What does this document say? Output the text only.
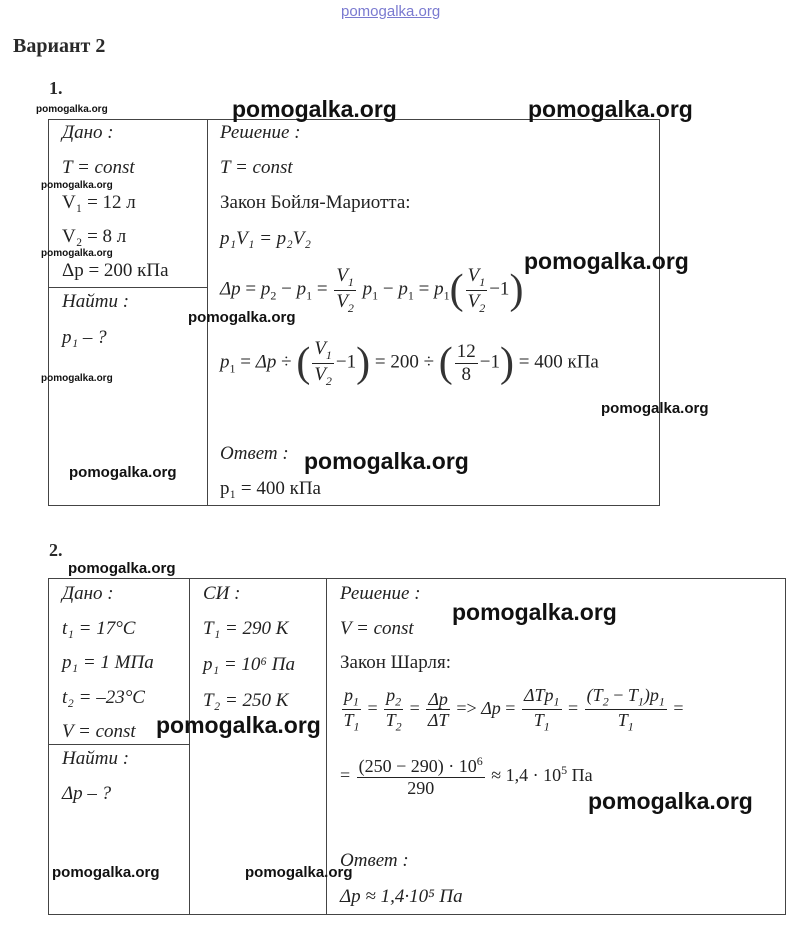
pomogalka.org
Вариант 2
1.
Дано :
T = const
V₁ = 12 л
V₂ = 8 л
Δp = 200 кПа
Найти :
p₁ – ?
Решение :
T = const
Закон Бойля-Мариотта:
p₁V₁ = p₂V₂
$\Delta p = p_2 - p_1 = \frac{V_1}{V_2} p_1 - p_1 = p_1( \frac{V_1}{V_2} -1)$
$p_1 = \Delta p$ ÷ ( $\frac{V_1}{V_2} -1) = 200$ ÷ ( $\frac{12}{8} -1) = 400$ кПа
Ответ :
p₁ = 400 кПа
2.
Дано :
t₁ = 17°C
p₁ = 1 МПа
t₂ = –23°C
V = const
Найти :
Δp – ?
СИ :
T₁ = 290 К
p₁ = 10⁶ Па
T₂ = 250 К
Решение :
V = const
Закон Шарля:
$\frac{p_1}{T_1} = \frac{p_2}{T_2} = \frac{\Delta p}{\Delta T} => \Delta p = \frac{\Delta Tp_1}{T_1} = \frac{(T_2 - T_1)p_1}{T_1}$ =
= $\frac{(250 - 290) \cdot 10^6}{290} \approx 1,4 \cdot 10^5$ Па
Ответ :
Δp ≈ 1,4·10⁵ Па
pomogalka.org	pomogalka.org	pomogalka.org
pomogalka.org
pomogalka.org	pomogalka.org
pomogalka.org
pomogalka.org
pomogalka.org
pomogalka.org
pomogalka.org
pomogalka.org
pomogalka.org
pomogalka.org
pomogalka.org
pomogalka.org	pomogalka.org
